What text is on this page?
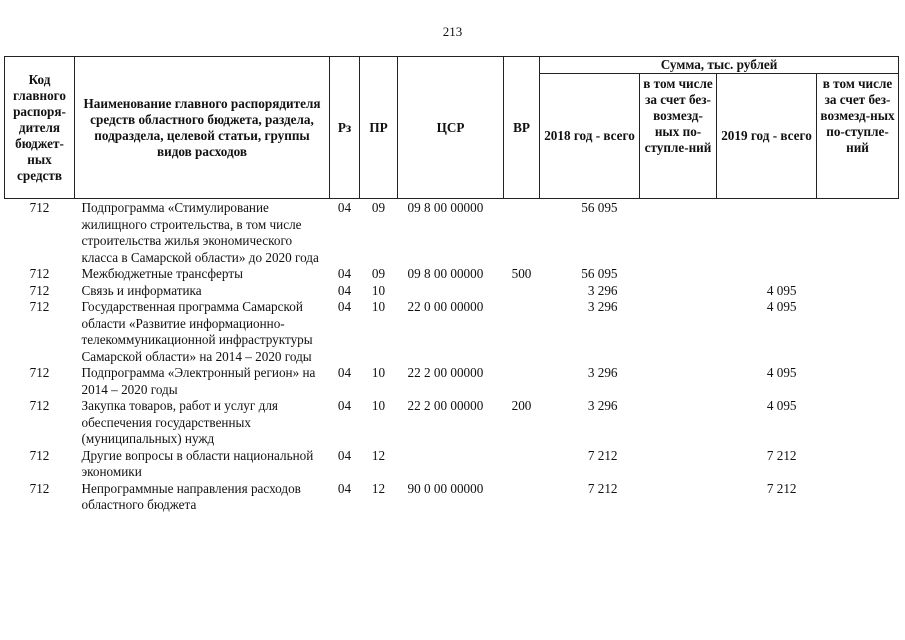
213
Код главного распоря-дителя бюджет-ных средств	Наименование главного распорядителя средств областного бюджета, раздела, подраздела, целевой статьи, группы видов расходов	Рз	ПР	ЦСР	ВР	Сумма, тыс. рублей			
						2018 год - всего	в том числе за счет без-возмезд-ных по-ступле-ний	2019 год - всего	в том числе за счет без-возмезд-ных по-ступле-ний
712	Подпрограмма «Стимулирование жилищного строительства, в том числе строительства жилья экономического класса в Самарской области» до 2020 года	04	09	09 8 00 00000		56 095			
712	Межбюджетные трансферты	04	09	09 8 00 00000	500	56 095			
712	Связь и информатика	04	10			3 296		4 095	
712	Государственная программа Самарской области «Развитие информационно-телекоммуникационной инфраструктуры Самарской области» на 2014 – 2020 годы	04	10	22 0 00 00000		3 296		4 095	
712	Подпрограмма «Электронный регион» на 2014 – 2020 годы	04	10	22 2 00 00000		3 296		4 095	
712	Закупка товаров, работ и услуг для обеспечения государственных (муниципальных) нужд	04	10	22 2 00 00000	200	3 296		4 095	
712	Другие вопросы в области национальной экономики	04	12			7 212		7 212	
712	Непрограммные направления расходов областного бюджета	04	12	90 0 00 00000		7 212		7 212	
